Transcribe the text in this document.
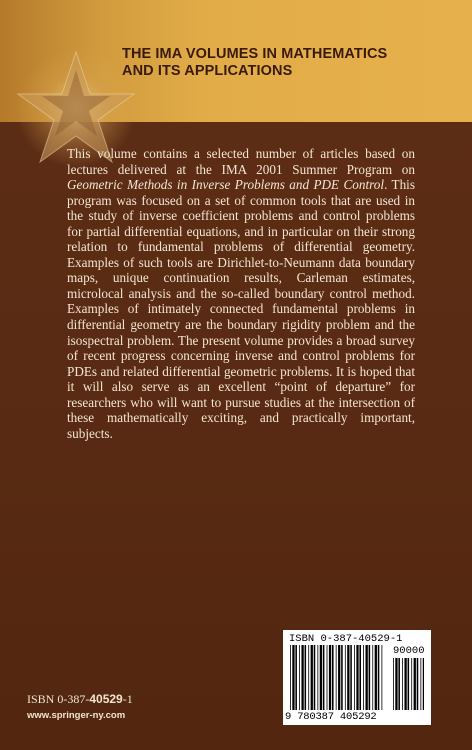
THE IMA VOLUMES IN MATHEMATICS
AND ITS APPLICATIONS

This volume contains a selected number of articles based on lectures delivered at the IMA 2001 Summer Program on Geometric Methods in Inverse Problems and PDE Control. This program was focused on a set of common tools that are used in the study of inverse coefficient problems and control problems for partial differential equations, and in particular on their strong relation to fundamental problems of differential geometry. Examples of such tools are Dirichlet-to-Neumann data boundary maps, unique continuation results, Carleman estimates, microlocal analysis and the so-called boundary control method. Examples of intimately connected fundamental problems in differential geometry are the boundary rigidity problem and the isospectral problem. The present volume provides a broad survey of recent progress concerning inverse and control problems for PDEs and related differential geometric problems. It is hoped that it will also serve as an excellent “point of departure” for researchers who will want to pursue studies at the intersection of these mathematically exciting, and practically important, subjects.

ISBN 0-387-40529-1
90000
9 780387 405292
ISBN 0-387-40529-1
www.springer-ny.com
